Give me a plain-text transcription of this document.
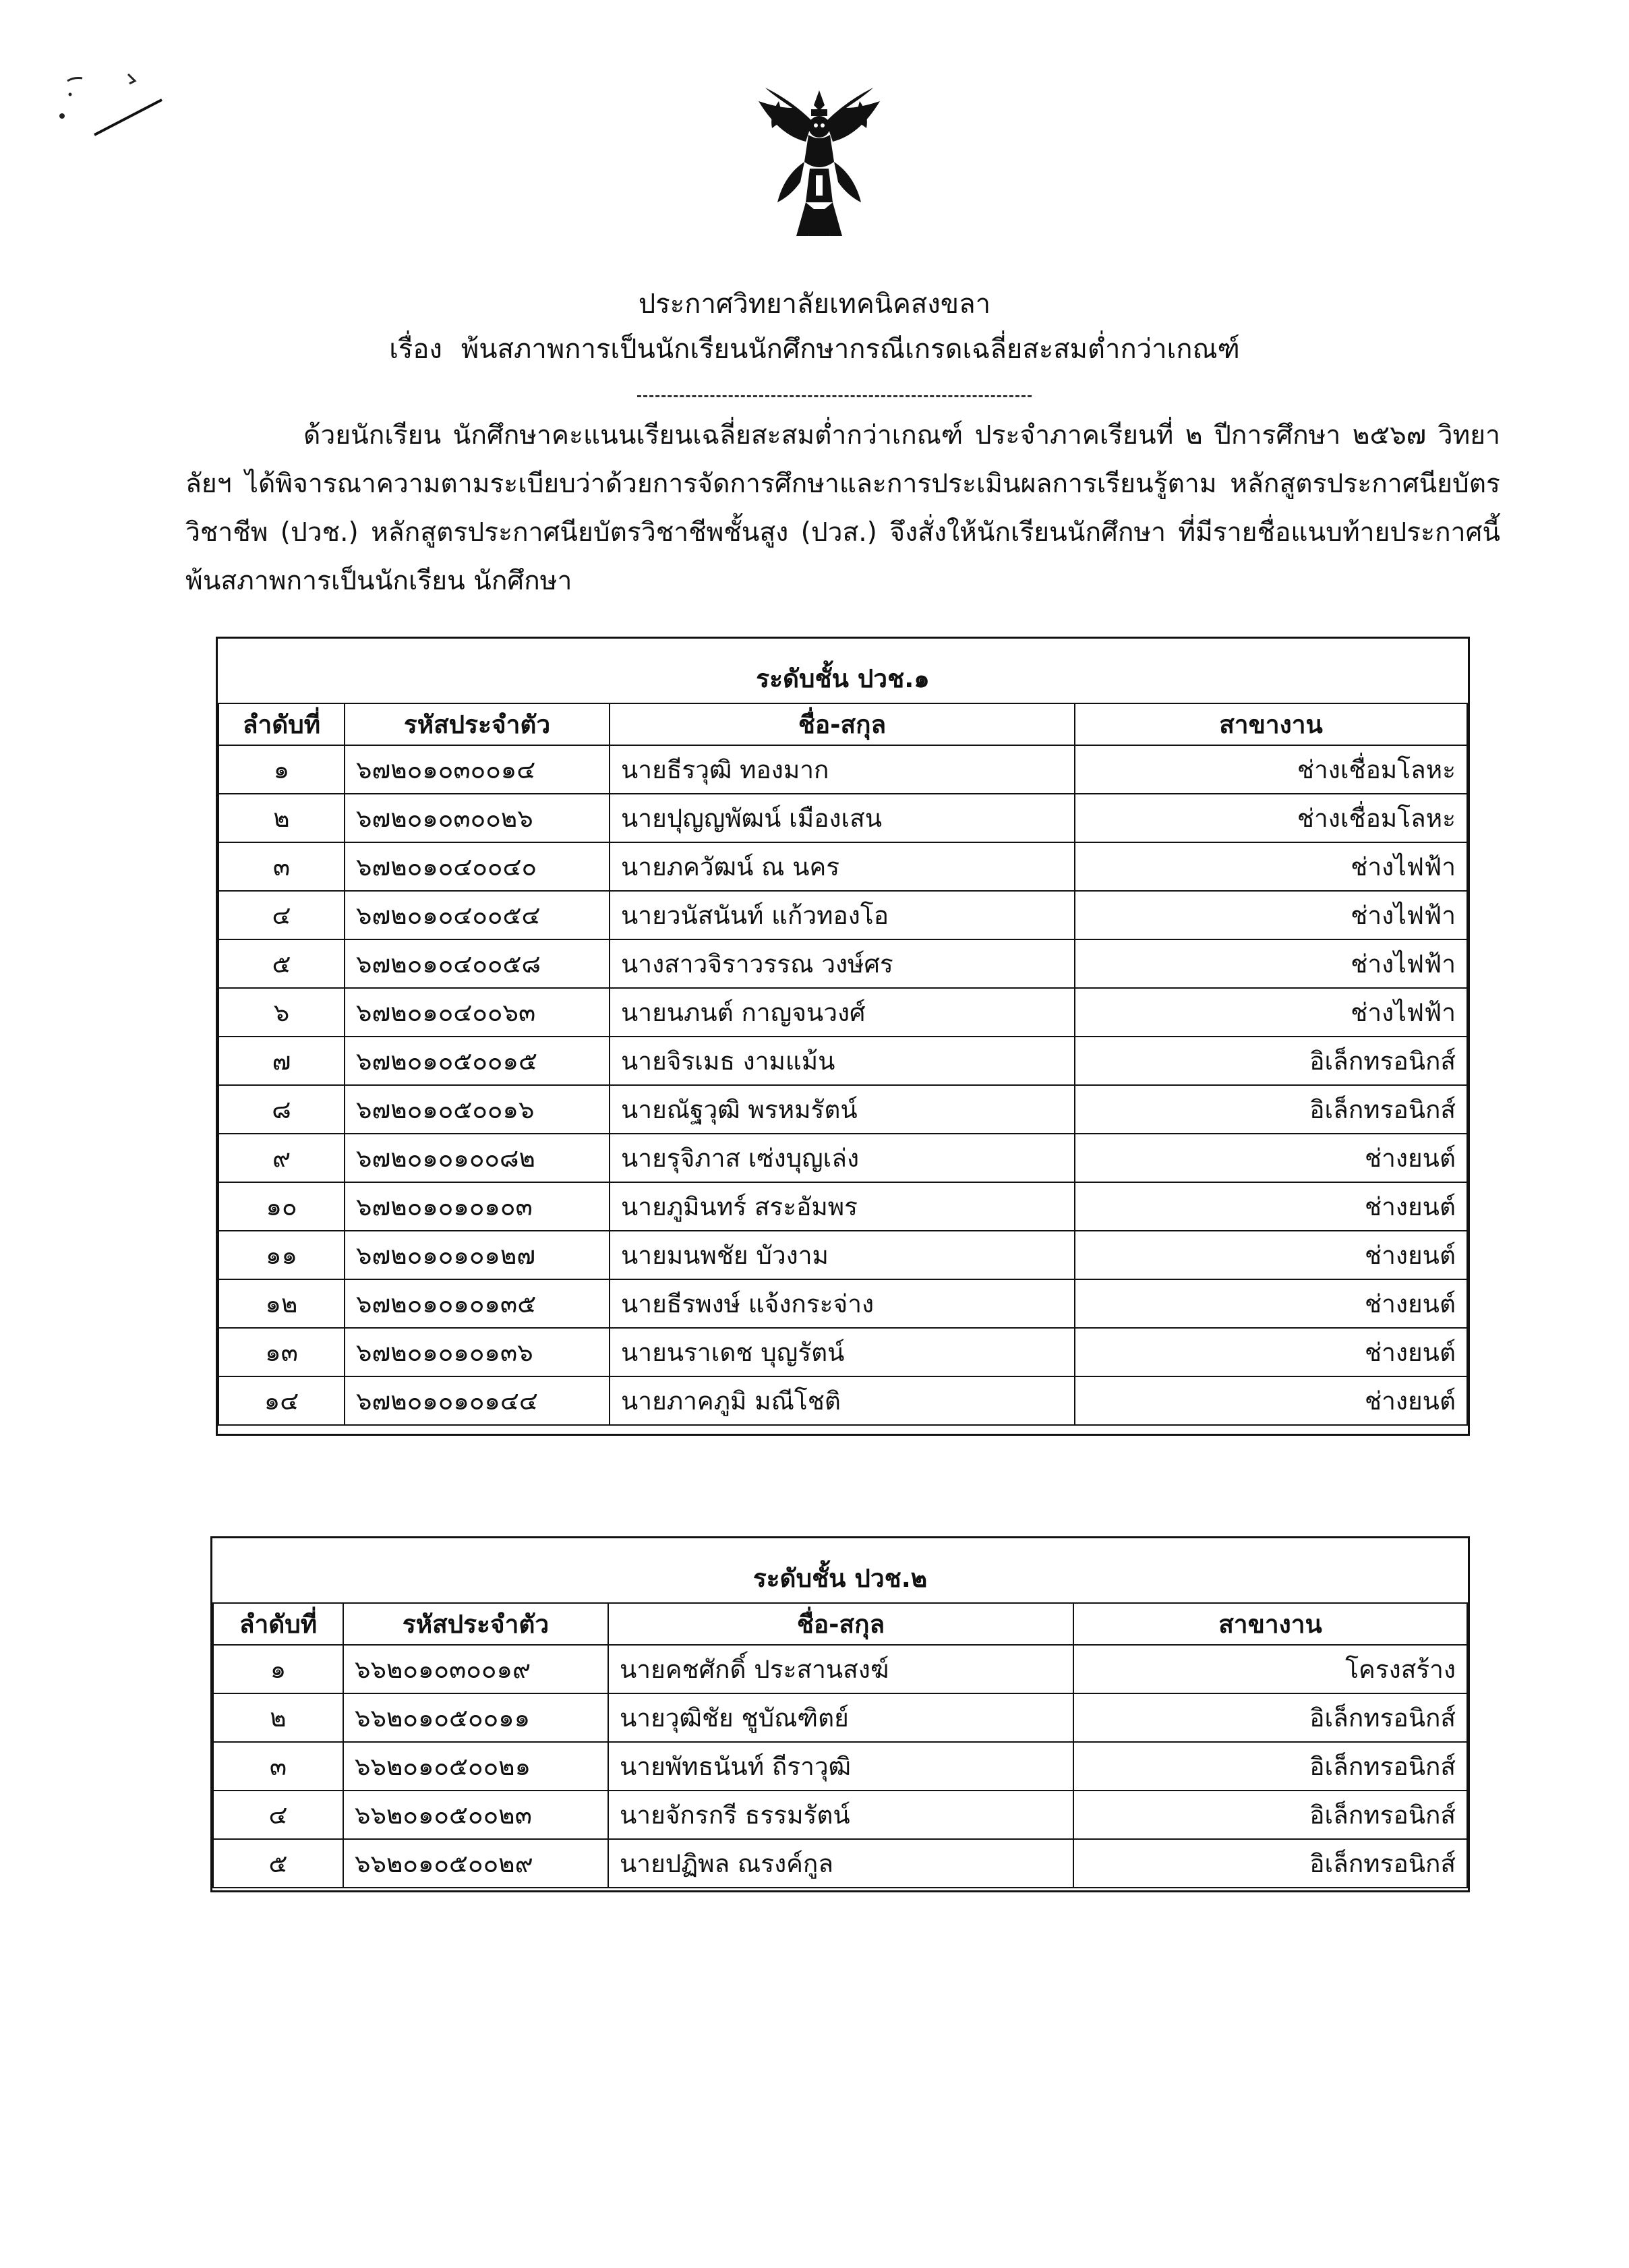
ประกาศวิทยาลัยเทคนิคสงขลา
เรื่อง พ้นสภาพการเป็นนักเรียนนักศึกษากรณีเกรดเฉลี่ยสะสมต่ำกว่าเกณฑ์
ด้วยนักเรียน นักศึกษาคะแนนเรียนเฉลี่ยสะสมต่ำกว่าเกณฑ์ ประจำภาคเรียนที่ ๒ ปีการศึกษา ๒๕๖๗ วิทยาลัยฯ ได้พิจารณาความตามระเบียบว่าด้วยการจัดการศึกษาและการประเมินผลการเรียนรู้ตาม หลักสูตรประกาศนียบัตรวิชาชีพ (ปวช.) หลักสูตรประกาศนียบัตรวิชาชีพชั้นสูง (ปวส.) จึงสั่งให้นักเรียนนักศึกษา ที่มีรายชื่อแนบท้ายประกาศนี้พ้นสภาพการเป็นนักเรียน นักศึกษา
ระดับชั้น ปวช.๑			
ลำดับที่	รหัสประจำตัว	ชื่อ-สกุล	สาขางาน
๑	๖๗๒๐๑๐๓๐๐๑๔	นายธีรวุฒิ ทองมาก	ช่างเชื่อมโลหะ
๒	๖๗๒๐๑๐๓๐๐๒๖	นายปุญญพัฒน์ เมืองเสน	ช่างเชื่อมโลหะ
๓	๖๗๒๐๑๐๔๐๐๔๐	นายภควัฒน์ ณ นคร	ช่างไฟฟ้า
๔	๖๗๒๐๑๐๔๐๐๕๔	นายวนัสนันท์ แก้วทองโอ	ช่างไฟฟ้า
๕	๖๗๒๐๑๐๔๐๐๕๘	นางสาวจิราวรรณ วงษ์ศร	ช่างไฟฟ้า
๖	๖๗๒๐๑๐๔๐๐๖๓	นายนภนต์ กาญจนวงศ์	ช่างไฟฟ้า
๗	๖๗๒๐๑๐๕๐๐๑๕	นายจิรเมธ งามแม้น	อิเล็กทรอนิกส์
๘	๖๗๒๐๑๐๕๐๐๑๖	นายณัฐวุฒิ พรหมรัตน์	อิเล็กทรอนิกส์
๙	๖๗๒๐๑๐๑๐๐๘๒	นายรุจิภาส เซ่งบุญเล่ง	ช่างยนต์
๑๐	๖๗๒๐๑๐๑๐๑๐๓	นายภูมินทร์ สระอัมพร	ช่างยนต์
๑๑	๖๗๒๐๑๐๑๐๑๒๗	นายมนพชัย บัวงาม	ช่างยนต์
๑๒	๖๗๒๐๑๐๑๐๑๓๕	นายธีรพงษ์ แจ้งกระจ่าง	ช่างยนต์
๑๓	๖๗๒๐๑๐๑๐๑๓๖	นายนราเดช บุญรัตน์	ช่างยนต์
๑๔	๖๗๒๐๑๐๑๐๑๔๔	นายภาคภูมิ มณีโชติ	ช่างยนต์
ระดับชั้น ปวช.๒			
ลำดับที่	รหัสประจำตัว	ชื่อ-สกุล	สาขางาน
๑	๖๖๒๐๑๐๓๐๐๑๙	นายคชศักดิ์ ประสานสงฆ์	โครงสร้าง
๒	๖๖๒๐๑๐๕๐๐๑๑	นายวุฒิชัย ชูบัณฑิตย์	อิเล็กทรอนิกส์
๓	๖๖๒๐๑๐๕๐๐๒๑	นายพัทธนันท์ ถีราวุฒิ	อิเล็กทรอนิกส์
๔	๖๖๒๐๑๐๕๐๐๒๓	นายจักรกรี ธรรมรัตน์	อิเล็กทรอนิกส์
๕	๖๖๒๐๑๐๕๐๐๒๙	นายปฏิพล ณรงค์กูล	อิเล็กทรอนิกส์
